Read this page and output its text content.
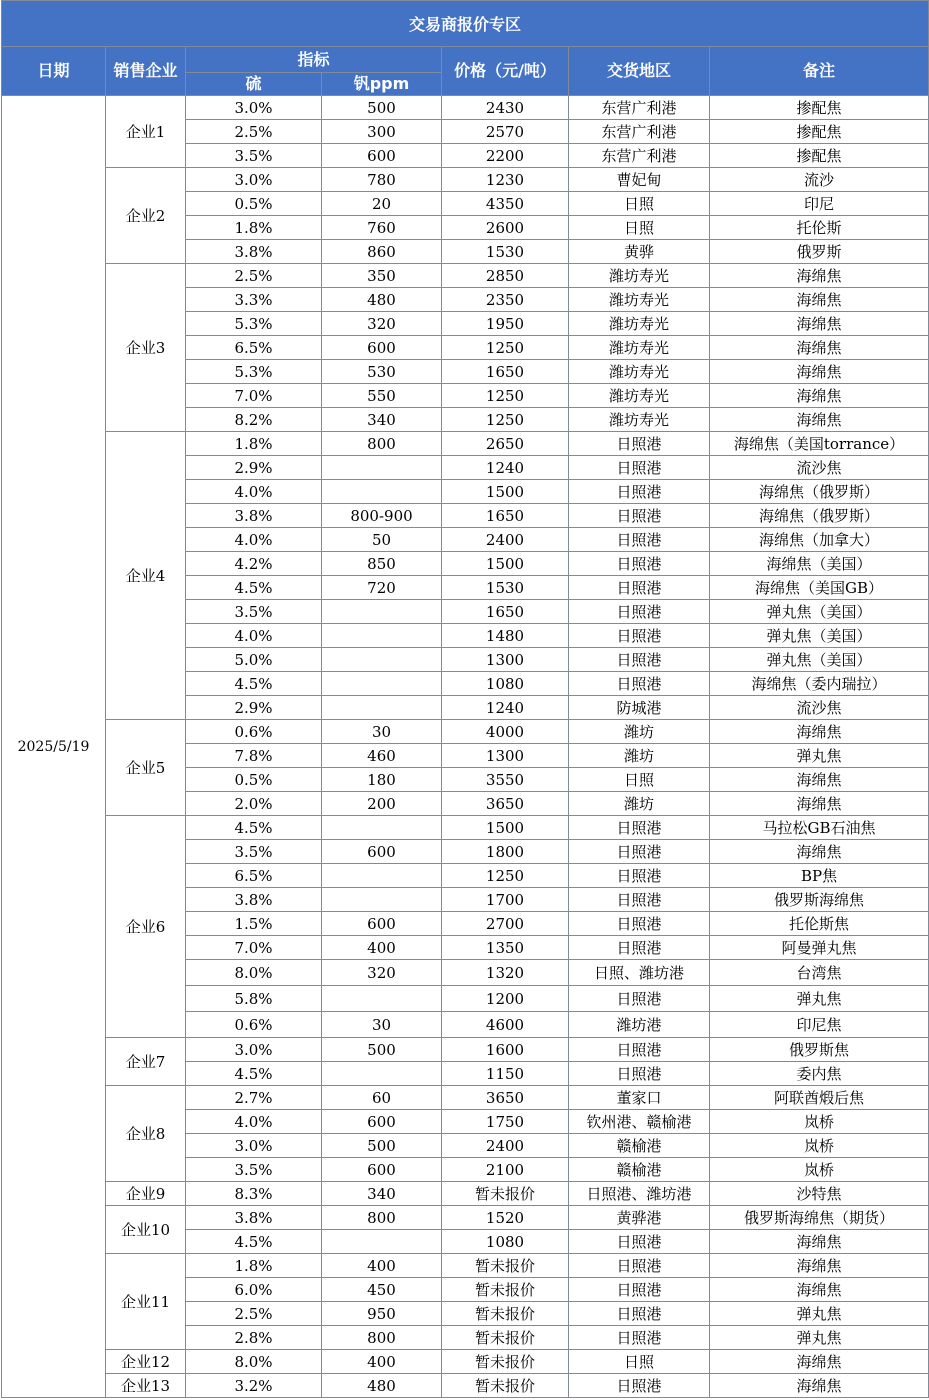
交易商报价专区						
日期	销售企业	指标		价格（元/吨）	交货地区	备注
		硫	钒ppm			
2025/5/19	企业1	3.0%	500	2430	东营广利港	掺配焦
		2.5%	300	2570	东营广利港	掺配焦
		3.5%	600	2200	东营广利港	掺配焦
	企业2	3.0%	780	1230	曹妃甸	流沙
		0.5%	20	4350	日照	印尼
		1.8%	760	2600	日照	托伦斯
		3.8%	860	1530	黄骅	俄罗斯
	企业3	2.5%	350	2850	潍坊寿光	海绵焦
		3.3%	480	2350	潍坊寿光	海绵焦
		5.3%	320	1950	潍坊寿光	海绵焦
		6.5%	600	1250	潍坊寿光	海绵焦
		5.3%	530	1650	潍坊寿光	海绵焦
		7.0%	550	1250	潍坊寿光	海绵焦
		8.2%	340	1250	潍坊寿光	海绵焦
	企业4	1.8%	800	2650	日照港	海绵焦（美国torrance）
		2.9%		1240	日照港	流沙焦
		4.0%		1500	日照港	海绵焦（俄罗斯）
		3.8%	800-900	1650	日照港	海绵焦（俄罗斯）
		4.0%	50	2400	日照港	海绵焦（加拿大）
		4.2%	850	1500	日照港	海绵焦（美国）
		4.5%	720	1530	日照港	海绵焦（美国GB）
		3.5%		1650	日照港	弹丸焦（美国）
		4.0%		1480	日照港	弹丸焦（美国）
		5.0%		1300	日照港	弹丸焦（美国）
		4.5%		1080	日照港	海绵焦（委内瑞拉）
		2.9%		1240	防城港	流沙焦
	企业5	0.6%	30	4000	潍坊	海绵焦
		7.8%	460	1300	潍坊	弹丸焦
		0.5%	180	3550	日照	海绵焦
		2.0%	200	3650	潍坊	海绵焦
	企业6	4.5%		1500	日照港	马拉松GB石油焦
		3.5%	600	1800	日照港	海绵焦
		6.5%		1250	日照港	BP焦
		3.8%		1700	日照港	俄罗斯海绵焦
		1.5%	600	2700	日照港	托伦斯焦
		7.0%	400	1350	日照港	阿曼弹丸焦
		8.0%	320	1320	日照、潍坊港	台湾焦
		5.8%		1200	日照港	弹丸焦
		0.6%	30	4600	潍坊港	印尼焦
	企业7	3.0%	500	1600	日照港	俄罗斯焦
		4.5%		1150	日照港	委内焦
	企业8	2.7%	60	3650	董家口	阿联酋煅后焦
		4.0%	600	1750	钦州港、赣榆港	岚桥
		3.0%	500	2400	赣榆港	岚桥
		3.5%	600	2100	赣榆港	岚桥
	企业9	8.3%	340	暂未报价	日照港、潍坊港	沙特焦
	企业10	3.8%	800	1520	黄骅港	俄罗斯海绵焦（期货）
		4.5%		1080	日照港	海绵焦
	企业11	1.8%	400	暂未报价	日照港	海绵焦
		6.0%	450	暂未报价	日照港	海绵焦
		2.5%	950	暂未报价	日照港	弹丸焦
		2.8%	800	暂未报价	日照港	弹丸焦
	企业12	8.0%	400	暂未报价	日照	海绵焦
	企业13	3.2%	480	暂未报价	日照港	海绵焦
